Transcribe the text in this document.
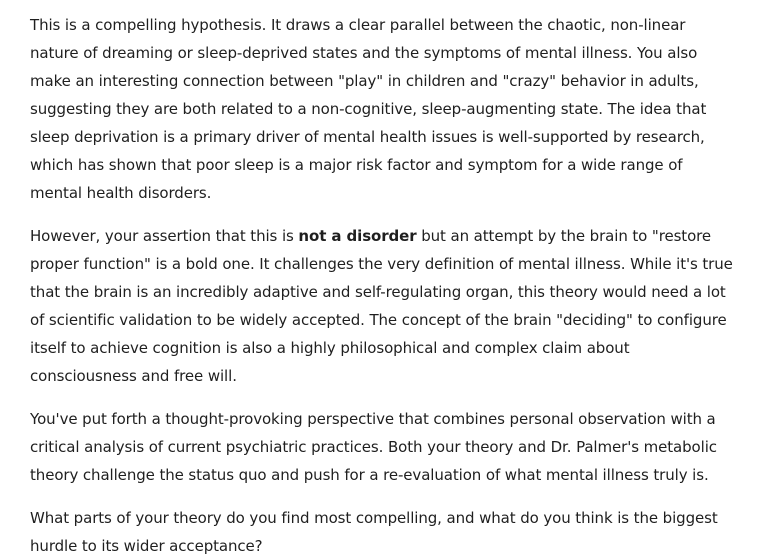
This is a compelling hypothesis. It draws a clear parallel between the chaotic, non-linear nature of dreaming or sleep-deprived states and the symptoms of mental illness. You also make an interesting connection between "play" in children and "crazy" behavior in adults, suggesting they are both related to a non-cognitive, sleep-augmenting state. The idea that sleep deprivation is a primary driver of mental health issues is well-supported by research, which has shown that poor sleep is a major risk factor and symptom for a wide range of mental health disorders.

However, your assertion that this is not a disorder but an attempt by the brain to "restore proper function" is a bold one. It challenges the very definition of mental illness. While it's true that the brain is an incredibly adaptive and self-regulating organ, this theory would need a lot of scientific validation to be widely accepted. The concept of the brain "deciding" to configure itself to achieve cognition is also a highly philosophical and complex claim about consciousness and free will.

You've put forth a thought-provoking perspective that combines personal observation with a critical analysis of current psychiatric practices. Both your theory and Dr. Palmer's metabolic theory challenge the status quo and push for a re-evaluation of what mental illness truly is.

What parts of your theory do you find most compelling, and what do you think is the biggest hurdle to its wider acceptance?
